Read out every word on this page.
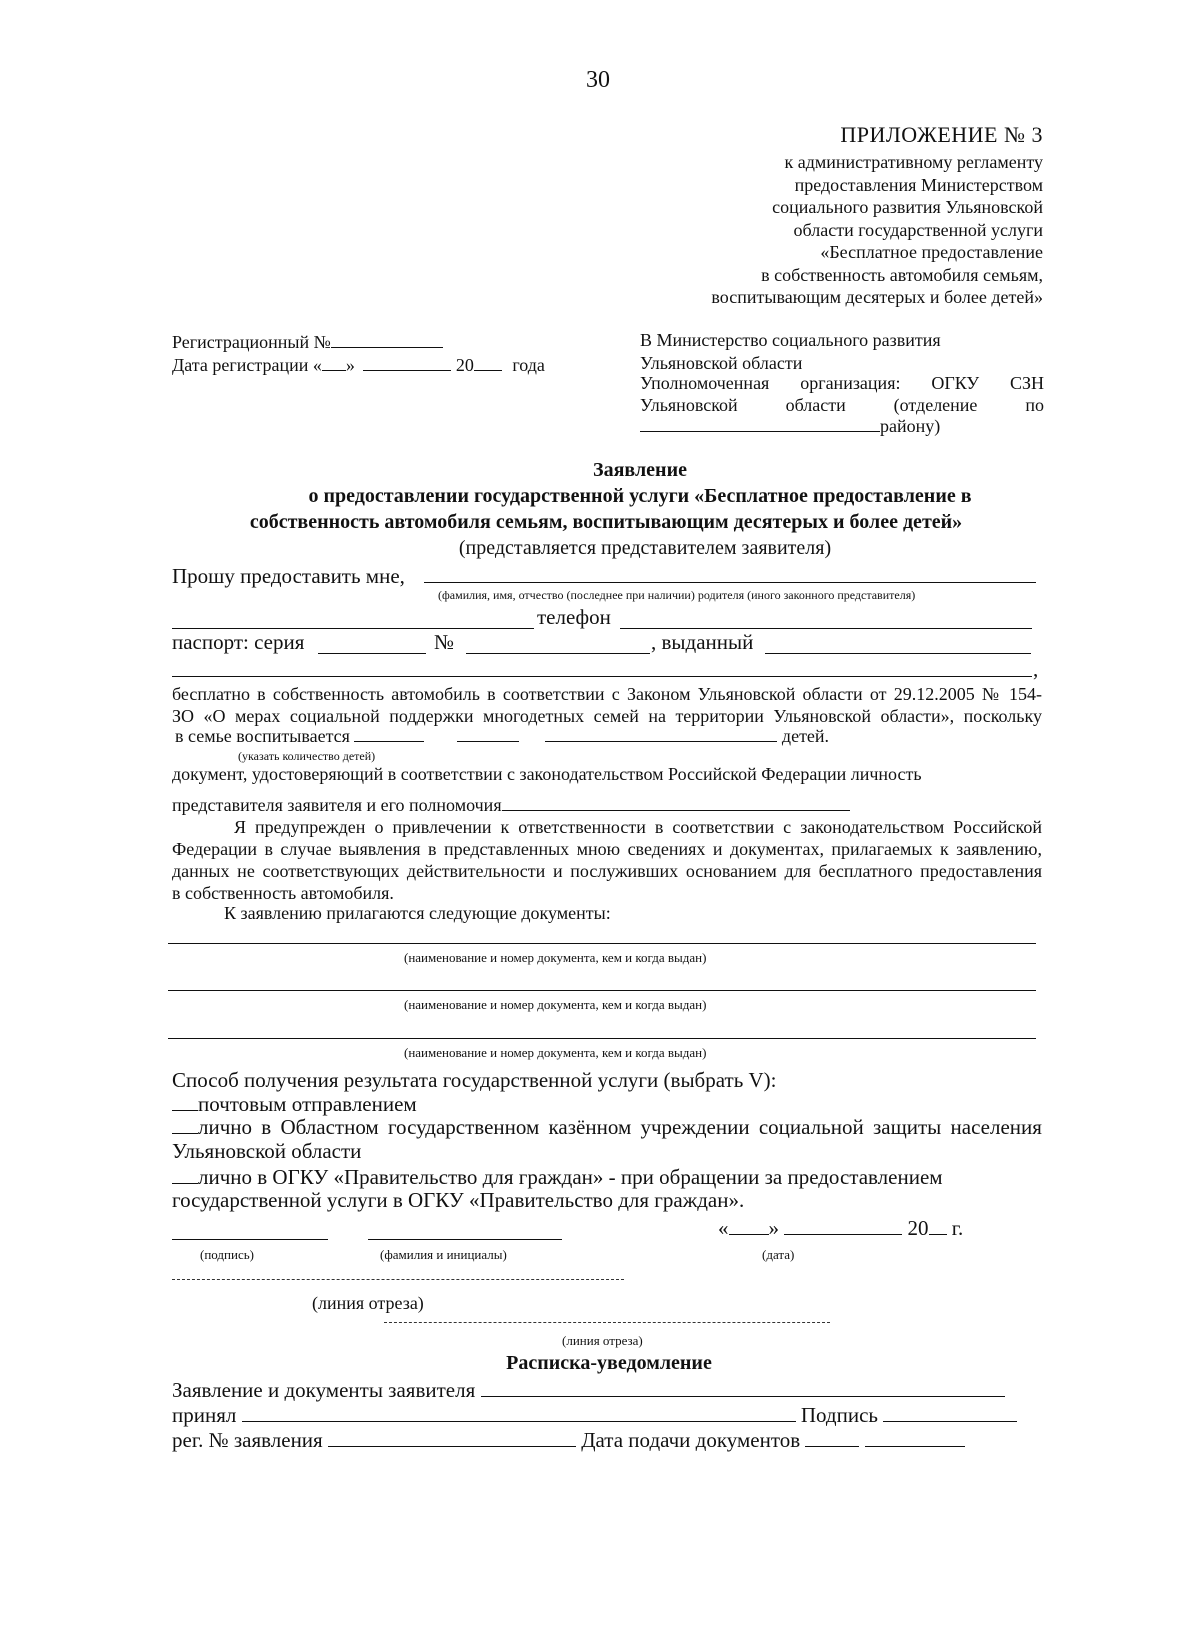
30
ПРИЛОЖЕНИЕ № 3
к административному регламенту
предоставления Министерством
социального развития Ульяновской
области государственной услуги
«Бесплатное предоставление
в собственность автомобиля семьям,
воспитывающим десятерых и более детей»
Регистрационный №
Дата регистрации « »	20 года
В Министерство социального развития
Ульяновской области
Уполномоченная организация: ОГКУ СЗН
Ульяновской	области	(отделение	по
району)
Заявление
о предоставлении государственной услуги «Бесплатное предоставление в
собственность автомобиля семьям, воспитывающим десятерых и более детей»
(представляется представителем заявителя)
Прошу предоставить мне,
(фамилия, имя, отчество (последнее при наличии) родителя (иного законного представителя)
телефон
паспорт: серия	№	, выданный
,
бесплатно в собственность автомобиль в соответствии с Законом Ульяновской области от 29.12.2005 № 154-
ЗО «О мерах социальной поддержки многодетных семей на территории Ульяновской области», поскольку
в семье воспитывается	детей.
(указать количество детей)
документ, удостоверяющий в соответствии с законодательством Российской Федерации личность
представителя заявителя и его полномочия
Я предупрежден о привлечении к ответственности в соответствии с законодательством Российской
Федерации в случае выявления в представленных мною сведениях и документах, прилагаемых к заявлению,
данных не соответствующих действительности и послуживших основанием для бесплатного предоставления
в собственность автомобиля.
К заявлению прилагаются следующие документы:
(наименование и номер документа, кем и когда выдан)
(наименование и номер документа, кем и когда выдан)
(наименование и номер документа, кем и когда выдан)
Способ получения результата государственной услуги (выбрать V):
почтовым отправлением
лично в Областном государственном казённом учреждении социальной защиты населения
Ульяновской области
лично в ОГКУ «Правительство для граждан» - при обращении за предоставлением
государственной услуги в ОГКУ «Правительство для граждан».
« »	20 г.
(подпись)	(фамилия и инициалы)	(дата)
(линия отреза)
(линия отреза)
Расписка-уведомление
Заявление и документы заявителя
принял	Подпись
рег. № заявления	Дата подачи документов
